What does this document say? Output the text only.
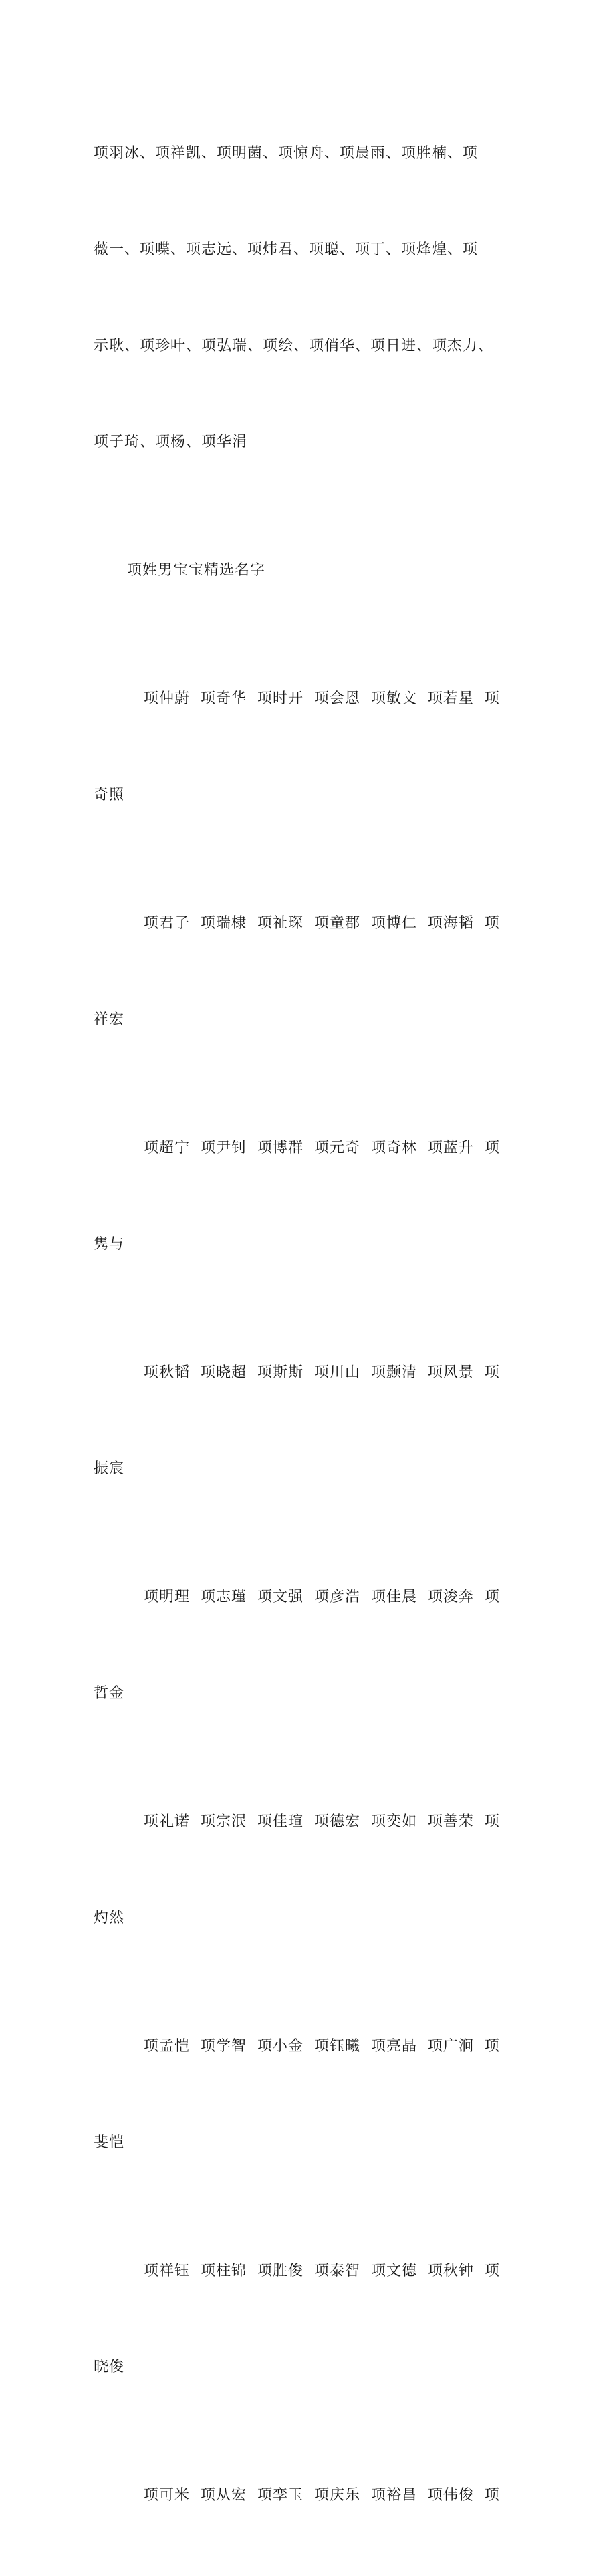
项羽冰、项祥凯、项明菌、项惊舟、项晨雨、项胜楠、项

薇一、项喋、项志远、项炜君、项聪、项丁、项烽煌、项

示耿、项珍叶、项弘瑞、项绘、项俏华、项日进、项杰力、

项子琦、项杨、项华涓

项姓男宝宝精选名字

项仲蔚  项奇华  项时开  项会恩  项敏文  项若星  项

奇照

项君子  项瑞棣  项祉琛  项童郡  项博仁  项海韬  项

祥宏

项超宁  项尹钊  项博群  项元奇  项奇林  项蓝升  项

隽与

项秋韬  项晓超  项斯斯  项川山  项颢清  项风景  项

振宸

项明理  项志瑾  项文强  项彦浩  项佳晨  项浚奔  项

哲金

项礼诺  项宗泯  项佳瑄  项德宏  项奕如  项善荣  项

灼然

项孟恺  项学智  项小金  项钰曦  项亮晶  项广涧  项

斐恺

项祥钰  项柱锦  项胜俊  项泰智  项文德  项秋钟  项

晓俊

项可米  项从宏  项孪玉  项庆乐  项裕昌  项伟俊  项
